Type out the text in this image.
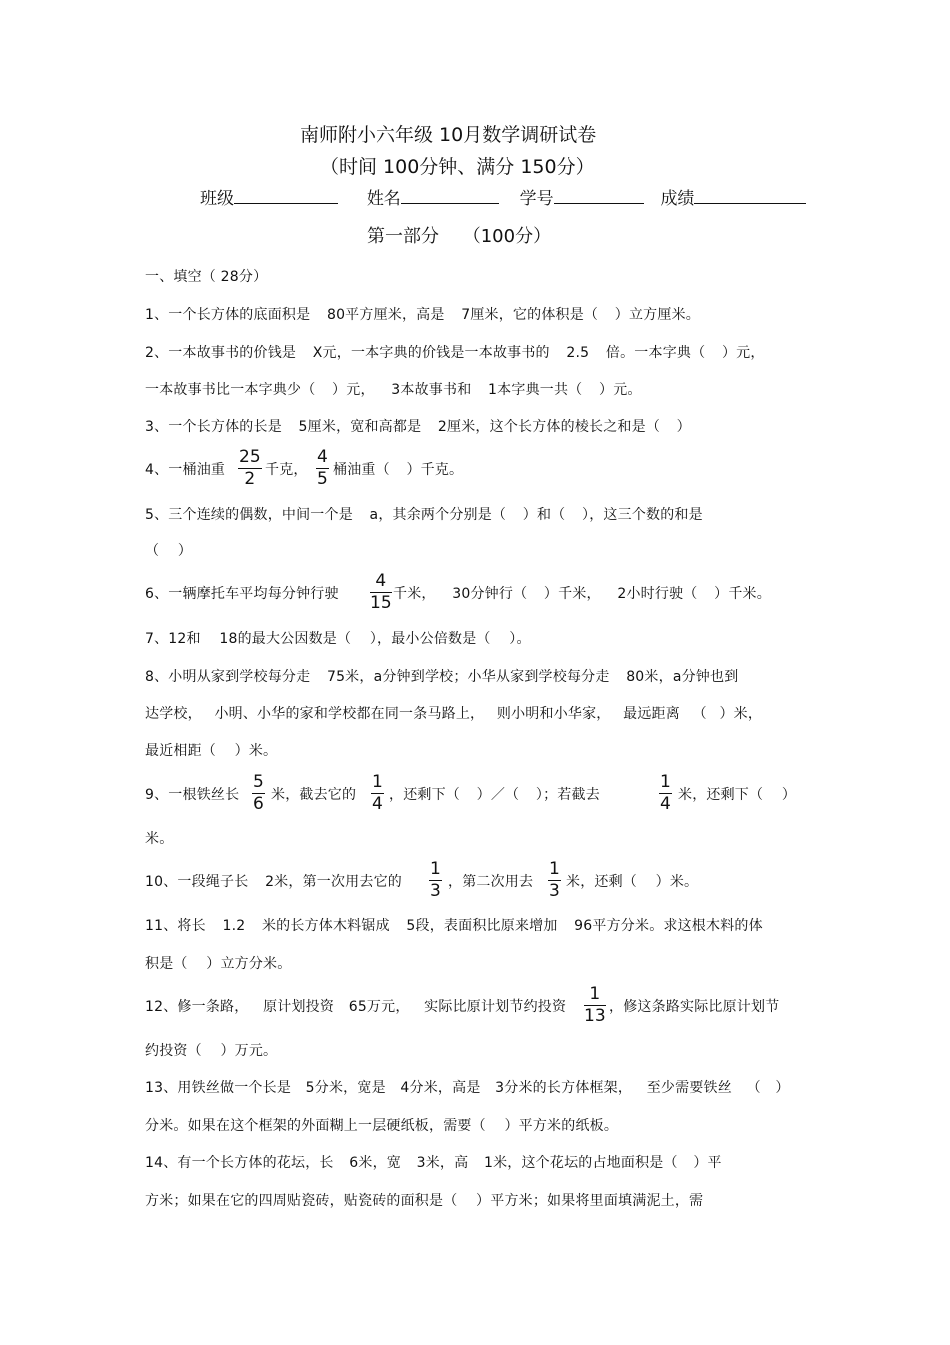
南师附小六年级 10月数学调研试卷
（时间 100分钟、满分 150分）
班级	姓名	学号	成绩
第一部分 （100分）
一、填空（ 28分）
1、一个长方体的底面积是 80平方厘米，高是 7厘米，它的体积是（ ）立方厘米。
2、一本故事书的价钱是 X元，一本字典的价钱是一本故事书的 2.5 倍。一本字典（ ）元，
一本故事书比一本字典少（ ）元， 3本故事书和 1本字典一共（ ）元。
3、一个长方体的长是 5厘米，宽和高都是 2厘米，这个长方体的棱长之和是（ ）
4、一桶油重
25
2 千克，
4
5 桶油重（ ）千克。
5、三个连续的偶数，中间一个是 a，其余两个分别是（ ）和（ ），这三个数的和是
（ ）
6、一辆摩托车平均每分钟行驶
4
15 千米， 30分钟行（ ）千米， 2小时行驶（ ）千米。
7、12和 18的最大公因数是（ ），最小公倍数是（ ）。
8、小明从家到学校每分走 75米，a分钟到学校；小华从家到学校每分走 80米，a分钟也到
达学校， 小明、小华的家和学校都在同一条马路上， 则小明和小华家， 最远距离 （ ）米，
最近相距（ ）米。
9、一根铁丝长
5
6 米，截去它的
1
4 ，还剩下（ ）／（ ）；若截去
1
4 米，还剩下（ ）
米。
10、一段绳子长 2米，第一次用去它的
1
3 ，第二次用去
1
3 米，还剩（ ）米。
11、将长 1.2 米的长方体木料锯成 5段，表面积比原来增加 96平方分米。求这根木料的体
积是（ ）立方分米。
12、修一条路， 原计划投资 65万元， 实际比原计划节约投资
1
13 ，修这条路实际比原计划节
约投资（ ）万元。
13、用铁丝做一个长是 5分米，宽是 4分米，高是 3分米的长方体框架， 至少需要铁丝 （ ）
分米。如果在这个框架的外面糊上一层硬纸板，需要（ ）平方米的纸板。
14、有一个长方体的花坛，长 6米，宽 3米，高 1米，这个花坛的占地面积是（ ）平
方米；如果在它的四周贴瓷砖，贴瓷砖的面积是（ ）平方米；如果将里面填满泥土，需
